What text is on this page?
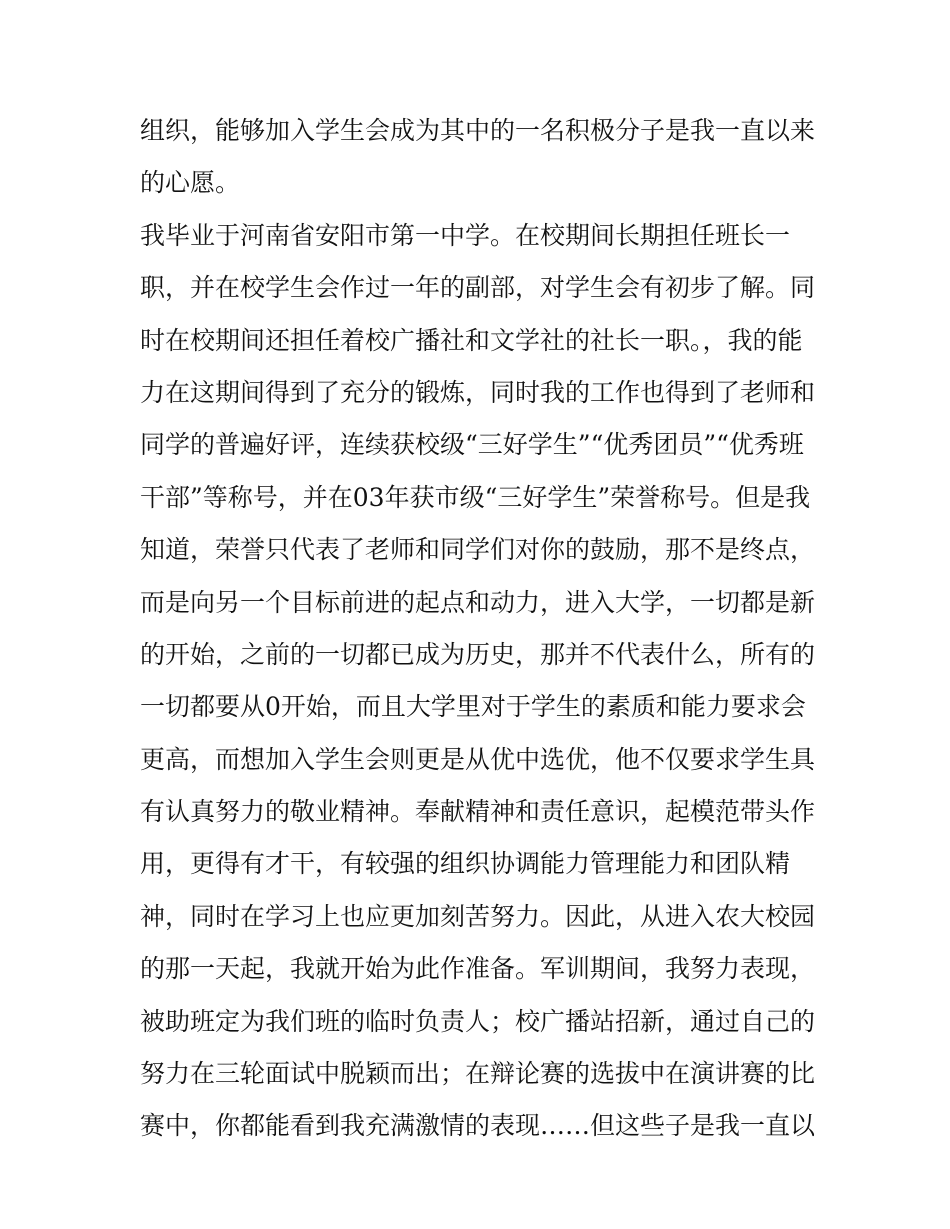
组织，能够加入学生会成为其中的一名积极分子是我一直以来
的心愿。
我毕业于河南省安阳市第一中学。在校期间长期担任班长一
职，并在校学生会作过一年的副部，对学生会有初步了解。同
时在校期间还担任着校广播社和文学社的社长一职。，我的能
力在这期间得到了充分的锻炼，同时我的工作也得到了老师和
同学的普遍好评，连续获校级“三好学生”“优秀团员”“优秀班
干部”等称号，并在03年获市级“三好学生”荣誉称号。但是我
知道，荣誉只代表了老师和同学们对你的鼓励，那不是终点，
而是向另一个目标前进的起点和动力，进入大学，一切都是新
的开始，之前的一切都已成为历史，那并不代表什么，所有的
一切都要从0开始，而且大学里对于学生的素质和能力要求会
更高，而想加入学生会则更是从优中选优，他不仅要求学生具
有认真努力的敬业精神。奉献精神和责任意识，起模范带头作
用，更得有才干，有较强的组织协调能力管理能力和团队精
神，同时在学习上也应更加刻苦努力。因此，从进入农大校园
的那一天起，我就开始为此作准备。军训期间，我努力表现，
被助班定为我们班的临时负责人；校广播站招新，通过自己的
努力在三轮面试中脱颖而出；在辩论赛的选拔中在演讲赛的比
赛中，你都能看到我充满激情的表现……但这些子是我一直以
